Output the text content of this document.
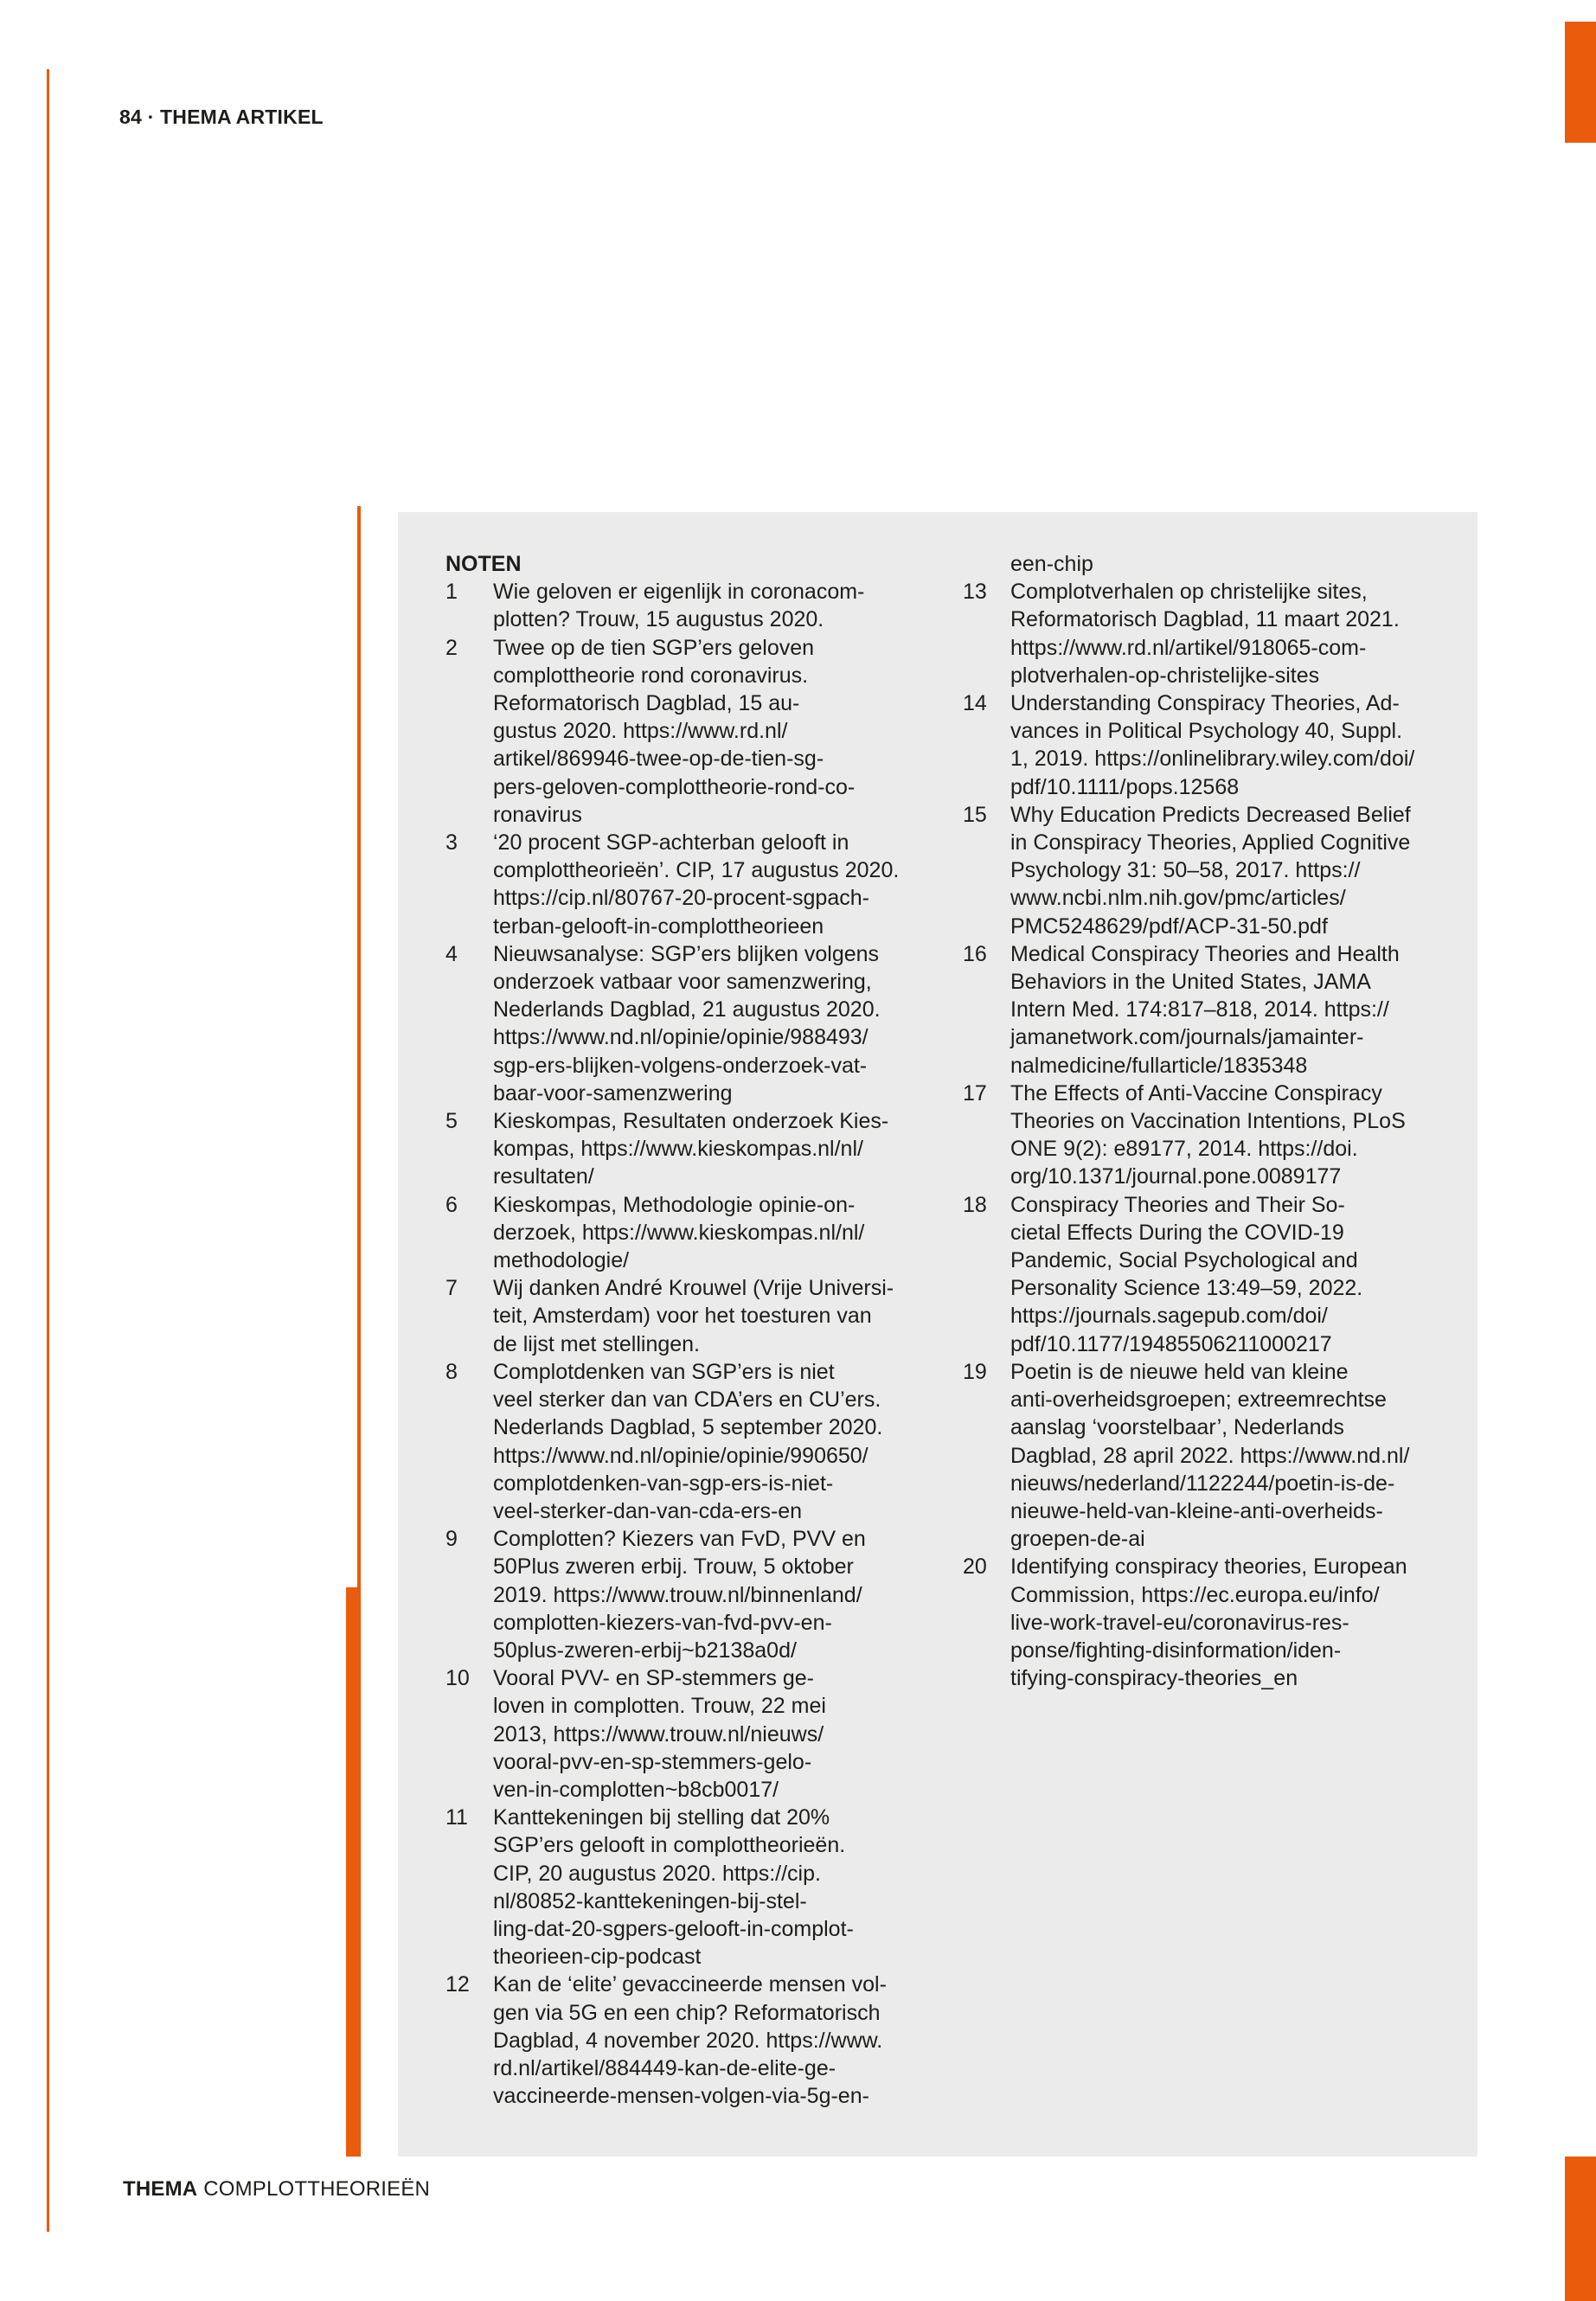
84 · THEMA ARTIKEL
NOTEN
1	Wie geloven er eigenlijk in coronacom-
plotten? Trouw, 15 augustus 2020.
2	Twee op de tien SGP’ers geloven
complottheorie rond coronavirus.
Reformatorisch Dagblad, 15 au-
gustus 2020. https://www.rd.nl/
artikel/869946-twee-op-de-tien-sg-
pers-geloven-complottheorie-rond-co-
ronavirus
3	‘20 procent SGP-achterban gelooft in
complottheorieën’. CIP, 17 augustus 2020.
https://cip.nl/80767-20-procent-sgpach-
terban-gelooft-in-complottheorieen
4	Nieuwsanalyse: SGP’ers blijken volgens
onderzoek vatbaar voor samenzwering,
Nederlands Dagblad, 21 augustus 2020.
https://www.nd.nl/opinie/opinie/988493/
sgp-ers-blijken-volgens-onderzoek-vat-
baar-voor-samenzwering
5	Kieskompas, Resultaten onderzoek Kies-
kompas, https://www.kieskompas.nl/nl/
resultaten/
6	Kieskompas, Methodologie opinie-on-
derzoek, https://www.kieskompas.nl/nl/
methodologie/
7	Wij danken André Krouwel (Vrije Universi-
teit, Amsterdam) voor het toesturen van
de lijst met stellingen.
8	Complotdenken van SGP’ers is niet
veel sterker dan van CDA’ers en CU’ers.
Nederlands Dagblad, 5 september 2020.
https://www.nd.nl/opinie/opinie/990650/
complotdenken-van-sgp-ers-is-niet-
veel-sterker-dan-van-cda-ers-en
9	Complotten? Kiezers van FvD, PVV en
50Plus zweren erbij. Trouw, 5 oktober
2019. https://www.trouw.nl/binnenland/
complotten-kiezers-van-fvd-pvv-en-
50plus-zweren-erbij~b2138a0d/
10	Vooral PVV- en SP-stemmers ge-
loven in complotten. Trouw, 22 mei
2013, https://www.trouw.nl/nieuws/
vooral-pvv-en-sp-stemmers-gelo-
ven-in-complotten~b8cb0017/
11	Kanttekeningen bij stelling dat 20%
SGP’ers gelooft in complottheorieën.
CIP, 20 augustus 2020. https://cip.
nl/80852-kanttekeningen-bij-stel-
ling-dat-20-sgpers-gelooft-in-complot-
theorieen-cip-podcast
12	Kan de ‘elite’ gevaccineerde mensen vol-
gen via 5G en een chip? Reformatorisch
Dagblad, 4 november 2020. https://www.
rd.nl/artikel/884449-kan-de-elite-ge-
vaccineerde-mensen-volgen-via-5g-en-
een-chip
13	Complotverhalen op christelijke sites,
Reformatorisch Dagblad, 11 maart 2021.
https://www.rd.nl/artikel/918065-com-
plotverhalen-op-christelijke-sites
14	Understanding Conspiracy Theories, Ad-
vances in Political Psychology 40, Suppl.
1, 2019. https://onlinelibrary.wiley.com/doi/
pdf/10.1111/pops.12568
15	Why Education Predicts Decreased Belief
in Conspiracy Theories, Applied Cognitive
Psychology 31: 50–58, 2017. https://
www.ncbi.nlm.nih.gov/pmc/articles/
PMC5248629/pdf/ACP-31-50.pdf
16	Medical Conspiracy Theories and Health
Behaviors in the United States, JAMA
Intern Med. 174:817–818, 2014. https://
jamanetwork.com/journals/jamainter-
nalmedicine/fullarticle/1835348
17	The Effects of Anti-Vaccine Conspiracy
Theories on Vaccination Intentions, PLoS
ONE 9(2): e89177, 2014. https://doi.
org/10.1371/journal.pone.0089177
18	Conspiracy Theories and Their So-
cietal Effects During the COVID-19
Pandemic, Social Psychological and
Personality Science 13:49–59, 2022.
https://journals.sagepub.com/doi/
pdf/10.1177/19485506211000217
19	Poetin is de nieuwe held van kleine
anti-overheidsgroepen; extreemrechtse
aanslag ‘voorstelbaar’, Nederlands
Dagblad, 28 april 2022. https://www.nd.nl/
nieuws/nederland/1122244/poetin-is-de-
nieuwe-held-van-kleine-anti-overheids-
groepen-de-ai
20	Identifying conspiracy theories, European
Commission, https://ec.europa.eu/info/
live-work-travel-eu/coronavirus-res-
ponse/fighting-disinformation/iden-
tifying-conspiracy-theories_en
THEMA COMPLOTTHEORIEËN
